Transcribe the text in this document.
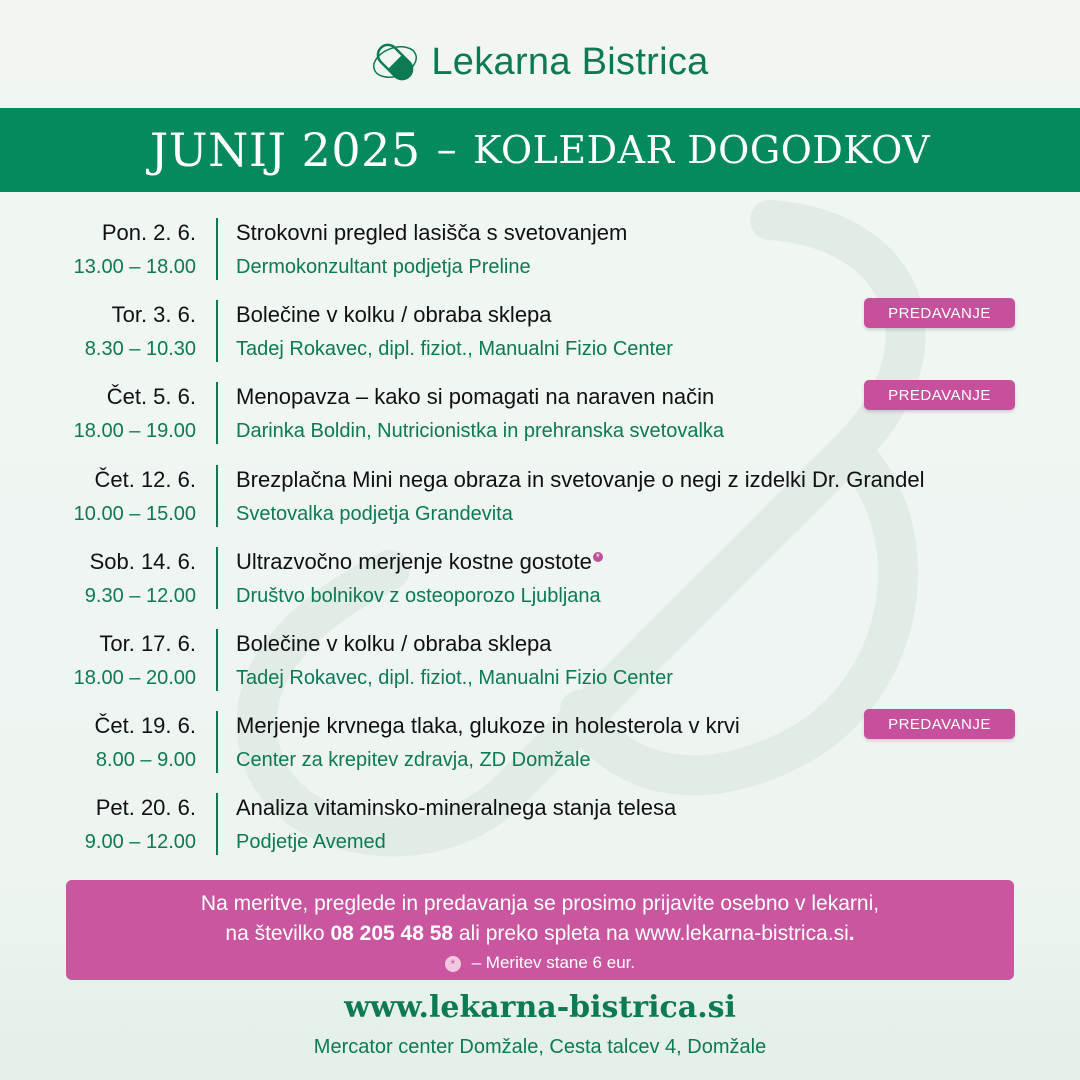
Lekarna Bistrica
JUNIJ 2025 – KOLEDAR DOGODKOV
Pon. 2. 6.
13.00 – 18.00
Strokovni pregled lasišča s svetovanjem
Dermokonzultant podjetja Preline
Tor. 3. 6.
8.30 – 10.30
Bolečine v kolku / obraba sklepa
Tadej Rokavec, dipl. fiziot., Manualni Fizio Center
PREDAVANJE
Čet. 5. 6.
18.00 – 19.00
Menopavza – kako si pomagati na naraven način
Darinka Boldin, Nutricionistka in prehranska svetovalka
PREDAVANJE
Čet. 12. 6.
10.00 – 15.00
Brezplačna Mini nega obraza in svetovanje o negi z izdelki Dr. Grandel
Svetovalka podjetja Grandevita
Sob. 14. 6.
9.30 – 12.00
Ultrazvočno merjenje kostne gostote *
Društvo bolnikov z osteoporozo Ljubljana
Tor. 17. 6.
18.00 – 20.00
Bolečine v kolku / obraba sklepa
Tadej Rokavec, dipl. fiziot., Manualni Fizio Center
Čet. 19. 6.
8.00 – 9.00
Merjenje krvnega tlaka, glukoze in holesterola v krvi
Center za krepitev zdravja, ZD Domžale
PREDAVANJE
Pet. 20. 6.
9.00 – 12.00
Analiza vitaminsko-mineralnega stanja telesa
Podjetje Avemed
Na meritve, preglede in predavanja se prosimo prijavite osebno v lekarni,
na številko 08 205 48 58 ali preko spleta na www.lekarna-bistrica.si.
* – Meritev stane 6 eur.
www.lekarna-bistrica.si
Mercator center Domžale, Cesta talcev 4, Domžale
